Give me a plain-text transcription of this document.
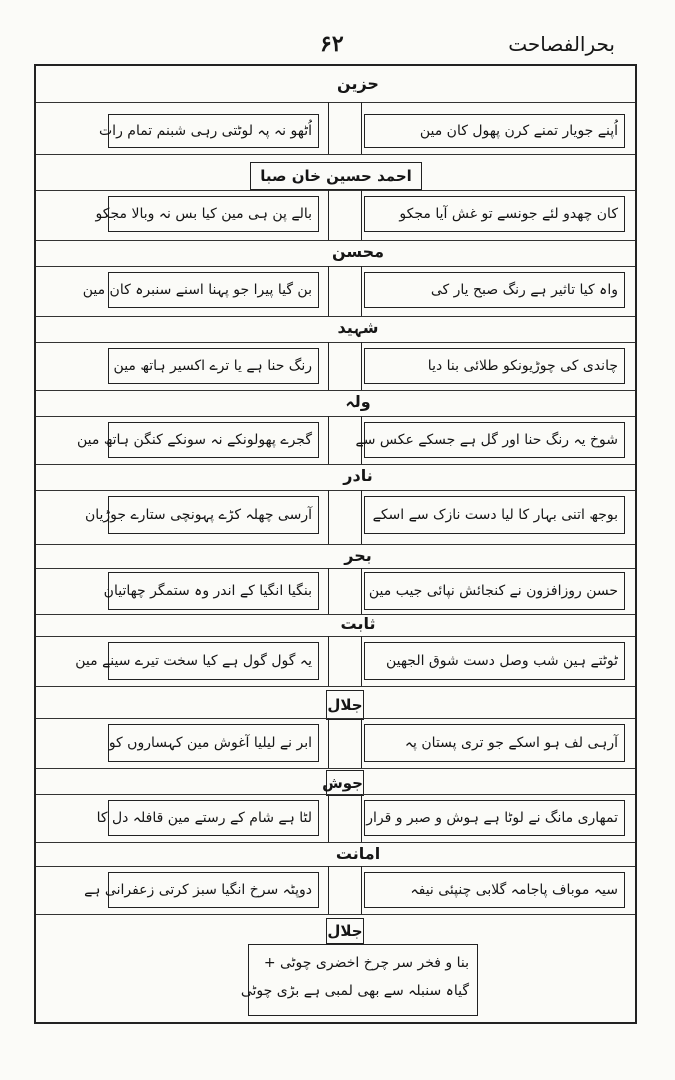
بحرالفصاحت
۶۲
حزین
اُپنے جویار تمنے کرن پھول کان مین
اُٹھو نہ پہ لوٹتی رہی شبنم تمام رات
احمد حسین خان صبا
کان چھدو لئے جونسے تو غش آیا مجکو
بالے پن ہی مین کیا بس نہ وبالا مجکو
محسن
واہ کیا تاثیر ہے رنگ صبح یار کی
بن گیا پیرا جو پہنا اسنے سنبرہ کان مین
شہید
چاندی کی چوڑیونکو طلائی بنا دیا
رنگ حنا ہے یا ترے اکسیر ہاتھ مین
ولہ
شوخ یہ رنگ حنا اور گل ہے جسکے عکس سے
گجرے پھولونکے نہ سونکے کنگن ہاتھ مین
نادر
بوجھ اتنی بہار کا لیا دست نازک سے اسکے
آرسی چھلہ کڑے پہونچی ستارے جوڑیان
بحر
حسن روزافزون نے کنجائش نپائی جیب مین
بنگیا انگیا کے اندر وہ ستمگر چھاتیان
ثابت
ٹوٹتے ہین شب وصل دست شوق الجھین
یہ گول گول ہے کیا سخت تیرے سینے مین
جلال
آرہی لف ہو اسکے جو تری پستان پہ
ابر نے لیلیا آغوش مین کہساروں کو
جوش
تمھاری مانگ نے لوٹا ہے ہوش و صبر و قرار
لٹا ہے شام کے رستے مین قافلہ دل کا
امانت
سیہ موباف پاجامہ گلابی چنپئی نیفہ
دوپٹہ سرخ انگیا سبز کرتی زعفرانی ہے
جلال
بنا و فخر سر چرخ اخضری چوٹی +
گیاہ سنبلہ سے بھی لمبی ہے بڑی چوٹی
